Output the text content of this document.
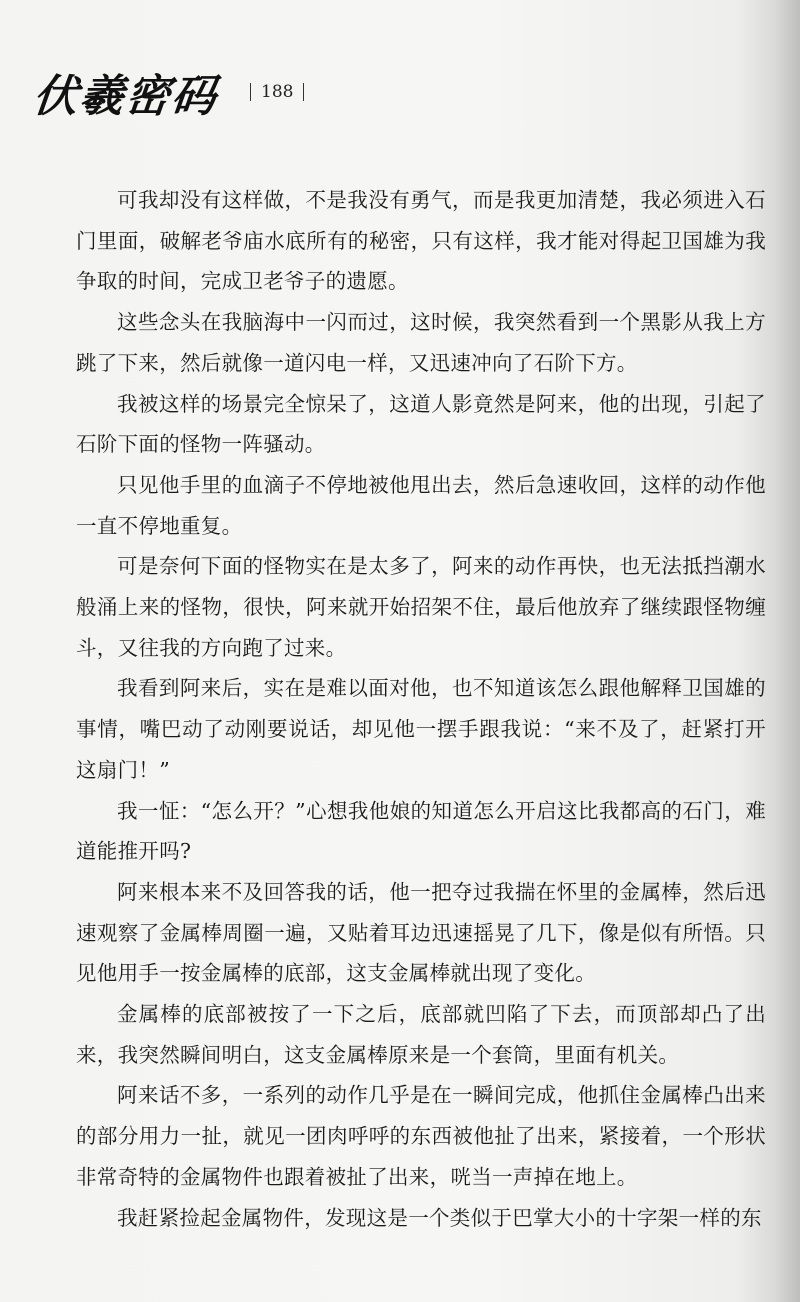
伏羲密码 188

可我却没有这样做，不是我没有勇气，而是我更加清楚，我必须进入石门里面，破解老爷庙水底所有的秘密，只有这样，我才能对得起卫国雄为我争取的时间，完成卫老爷子的遗愿。

这些念头在我脑海中一闪而过，这时候，我突然看到一个黑影从我上方跳了下来，然后就像一道闪电一样，又迅速冲向了石阶下方。

我被这样的场景完全惊呆了，这道人影竟然是阿来，他的出现，引起了石阶下面的怪物一阵骚动。

只见他手里的血滴子不停地被他甩出去，然后急速收回，这样的动作他一直不停地重复。

可是奈何下面的怪物实在是太多了，阿来的动作再快，也无法抵挡潮水般涌上来的怪物，很快，阿来就开始招架不住，最后他放弃了继续跟怪物缠斗，又往我的方向跑了过来。

我看到阿来后，实在是难以面对他，也不知道该怎么跟他解释卫国雄的事情，嘴巴动了动刚要说话，却见他一摆手跟我说：“来不及了，赶紧打开这扇门！”

我一怔：“怎么开？”心想我他娘的知道怎么开启这比我都高的石门，难道能推开吗?

阿来根本来不及回答我的话，他一把夺过我揣在怀里的金属棒，然后迅速观察了金属棒周圈一遍，又贴着耳边迅速摇晃了几下，像是似有所悟。只见他用手一按金属棒的底部，这支金属棒就出现了变化。

金属棒的底部被按了一下之后，底部就凹陷了下去，而顶部却凸了出来，我突然瞬间明白，这支金属棒原来是一个套筒，里面有机关。

阿来话不多，一系列的动作几乎是在一瞬间完成，他抓住金属棒凸出来的部分用力一扯，就见一团肉呼呼的东西被他扯了出来，紧接着，一个形状非常奇特的金属物件也跟着被扯了出来，咣当一声掉在地上。

我赶紧捡起金属物件，发现这是一个类似于巴掌大小的十字架一样的东
